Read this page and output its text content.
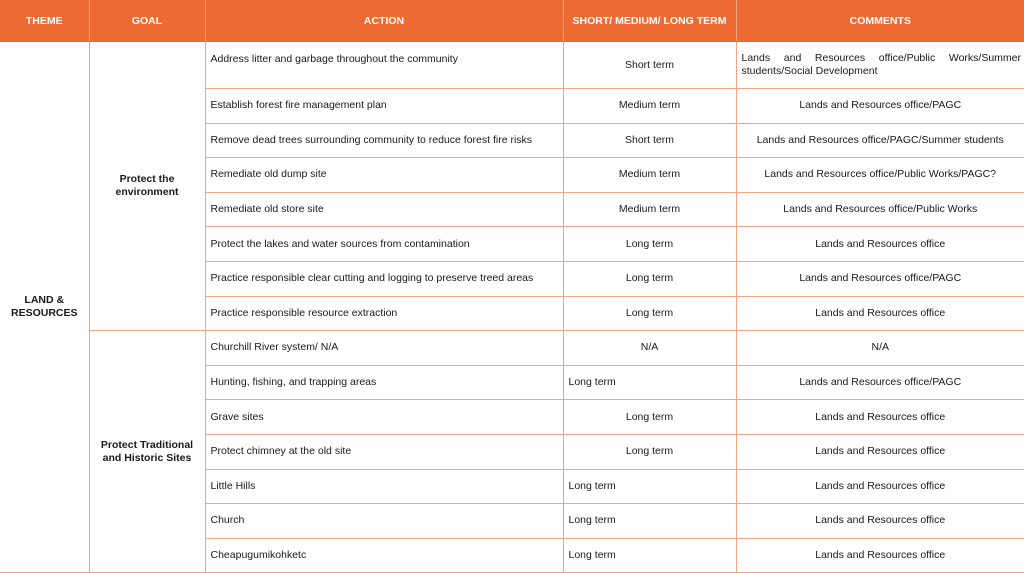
THEME	GOAL	ACTION	SHORT/ MEDIUM/ LONG TERM	COMMENTS
LAND & RESOURCES	Protect the environment	Address litter and garbage throughout the community	Short term	Lands and Resources office/Public Works/Summer students/Social Development
		Establish forest fire management plan	Medium term	Lands and Resources office/PAGC
		Remove dead trees surrounding community to reduce forest fire risks	Short term	Lands and Resources office/PAGC/Summer students
		Remediate old dump site	Medium term	Lands and Resources office/Public Works/PAGC?
		Remediate old store site	Medium term	Lands and Resources office/Public Works
		Protect the lakes and water sources from contamination	Long term	Lands and Resources office
		Practice responsible clear cutting and logging to preserve treed areas	Long term	Lands and Resources office/PAGC
		Practice responsible resource extraction	Long term	Lands and Resources office
	Protect Traditional and Historic Sites	Churchill River system/ N/A	N/A	N/A
		Hunting, fishing, and trapping areas	Long term	Lands and Resources office/PAGC
		Grave sites	Long term	Lands and Resources office
		Protect chimney at the old site	Long term	Lands and Resources office
		Little Hills	Long term	Lands and Resources office
		Church	Long term	Lands and Resources office
		Cheapugumikohketc	Long term	Lands and Resources office
